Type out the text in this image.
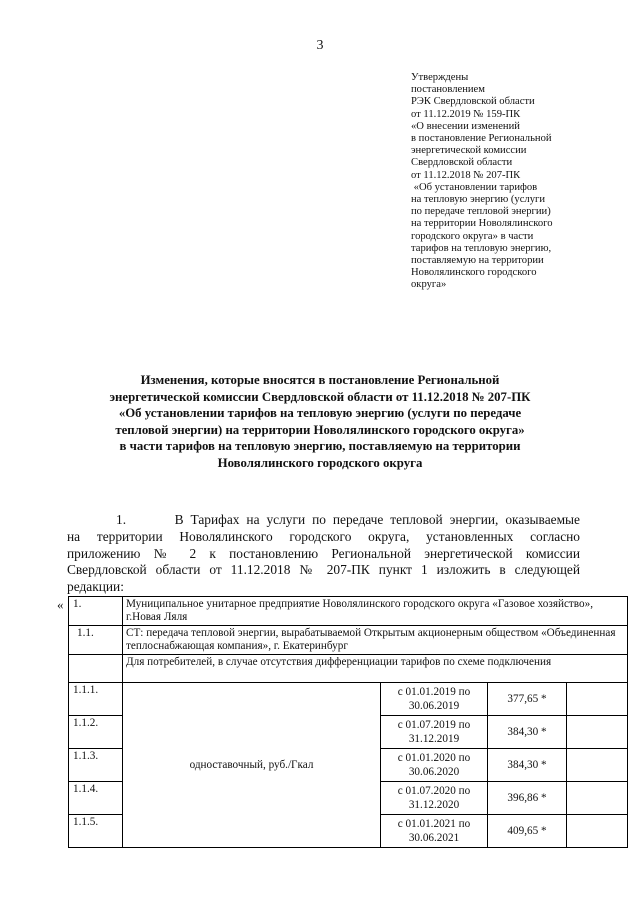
3
Утверждены
постановлением
РЭК Свердловской области
от 11.12.2019 № 159-ПК
«О внесении изменений
в постановление Региональной
энергетической комиссии
Свердловской области
от 11.12.2018 № 207-ПК
«Об установлении тарифов
на тепловую энергию (услуги
по передаче тепловой энергии)
на территории Новолялинского
городского округа» в части
тарифов на тепловую энергию,
поставляемую на территории
Новолялинского городского
округа»
Изменения, которые вносятся в постановление Региональной
энергетической комиссии Свердловской области от 11.12.2018 № 207-ПК
«Об установлении тарифов на тепловую энергию (услуги по передаче
тепловой энергии) на территории Новолялинского городского округа»
в части тарифов на тепловую энергию, поставляемую на территории
Новолялинского городского округа
1.       В Тарифах на услуги по передаче тепловой энергии, оказываемые
на территории Новолялинского городского округа, установленных согласно
приложению № 2 к постановлению Региональной энергетической комиссии
Свердловской области от 11.12.2018 № 207-ПК пункт 1 изложить в следующей
редакции:
« 1.	Муниципальное унитарное предприятие Новолялинского городского округа «Газовое хозяйство», г.Новая Ляля			
1.1.	СТ: передача тепловой энергии, вырабатываемой Открытым акционерным обществом «Объединенная теплоснабжающая компания», г. Екатеринбург			
	Для потребителей, в случае отсутствия дифференциации тарифов по схеме подключения			
1.1.1.	одноставочный, руб./Гкал	с 01.01.2019 по
30.06.2019	377,65 *	
1.1.2.		с 01.07.2019 по
31.12.2019	384,30 *	
1.1.3.		с 01.01.2020 по
30.06.2020	384,30 *	
1.1.4.		с 01.07.2020 по
31.12.2020	396,86 *	
1.1.5.		с 01.01.2021 по
30.06.2021	409,65 *	
